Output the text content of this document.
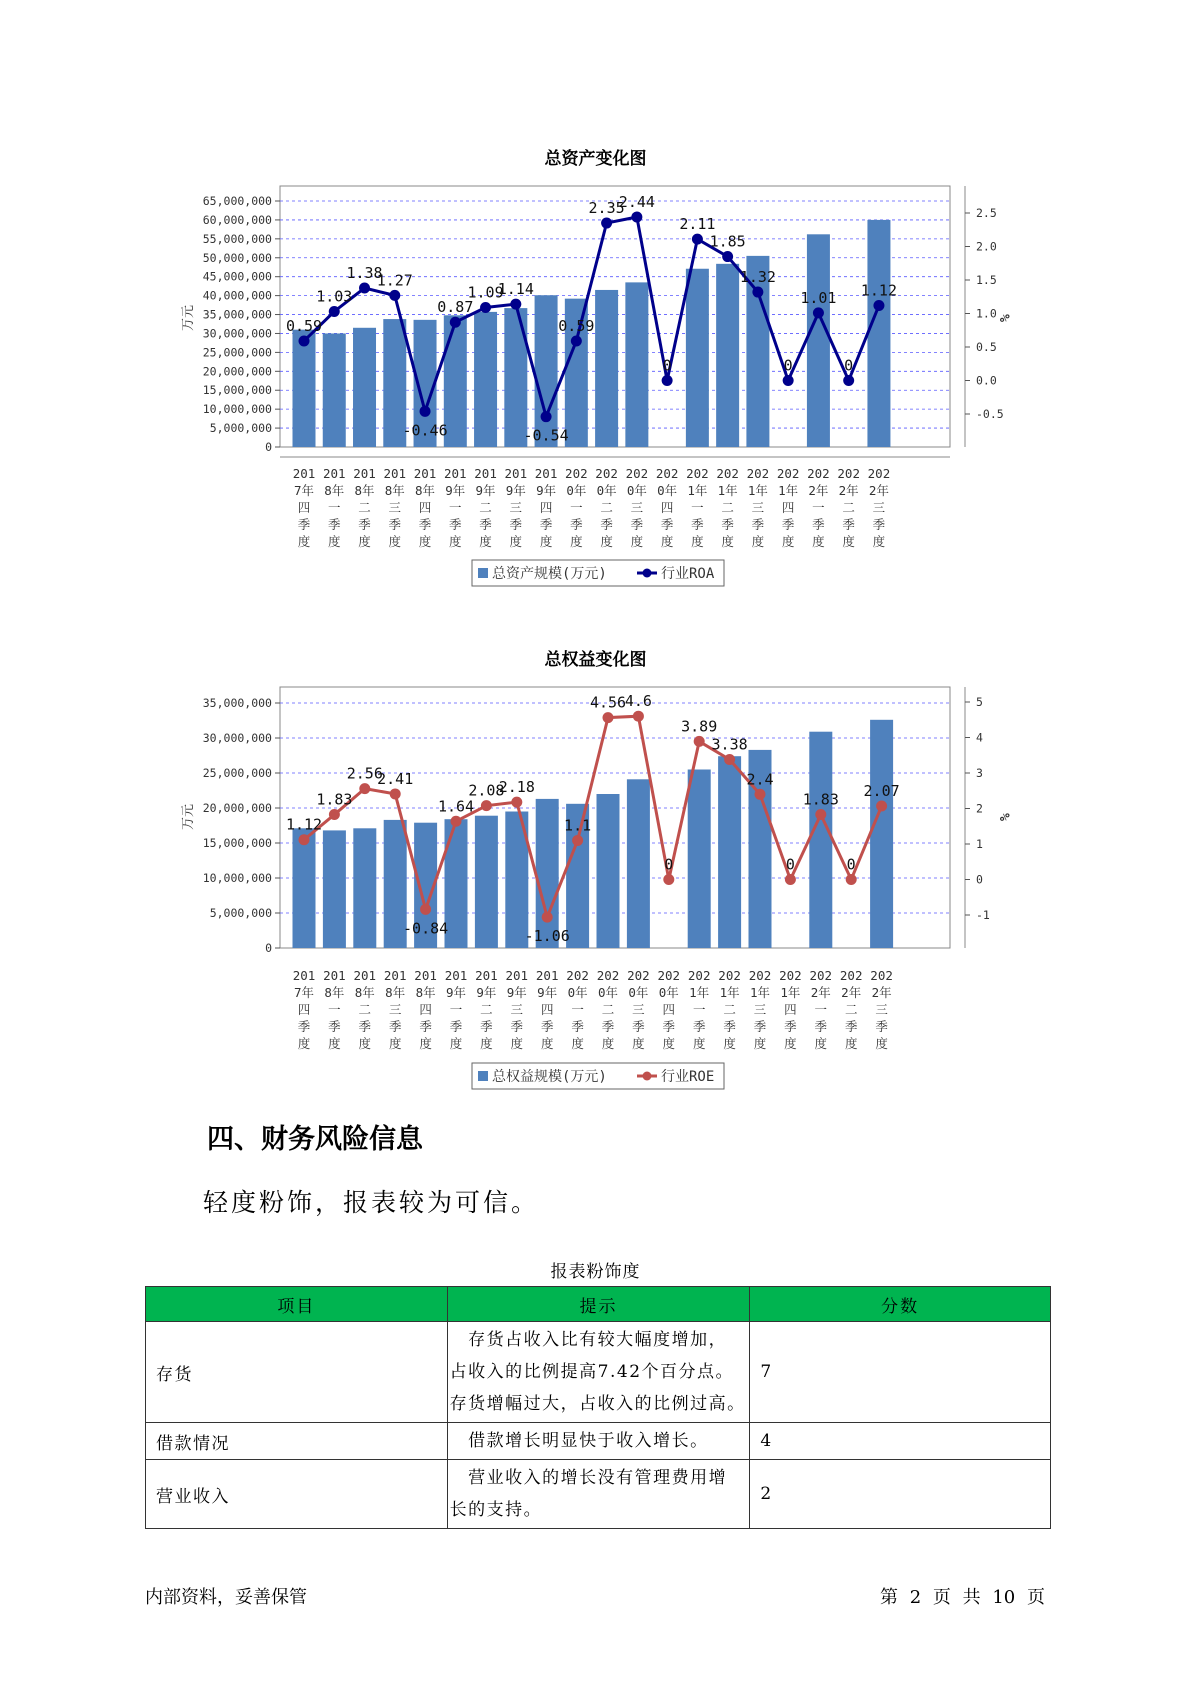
总资产变化图
0
5,000,000
10,000,000
15,000,000
20,000,000
25,000,000
30,000,000
35,000,000
40,000,000
45,000,000
50,000,000
55,000,000
60,000,000
65,000,000
-0.5
0.0
0.5
1.0
1.5
2.0
2.5
万元	%
201 201 201 201 201 201 201 201 201 202 202 202 202 202 202 202 202 202 202 202
7年 8年 8年 8年 8年 9年 9年 9年 9年 0年 0年 0年 0年 1年 1年 1年 1年 2年 2年 2年
四 一 二 三 四 一 二 三 四 一 二 三 四 一 二 三 四 一 二 三
季 季 季 季 季 季 季 季 季 季 季 季 季 季 季 季 季 季 季 季
度 度 度 度 度 度 度 度 度 度 度 度 度 度 度 度 度 度 度 度
0.59
1.03
1.38
1.27
-0.46
0.87
1.09
1.14
-0.54
0.59
2.35
2.44
0
2.11
1.85
1.32
0
1.01
0
1.12
总资产规模(万元)	行业ROA
总权益变化图
0
5,000,000
10,000,000
15,000,000
20,000,000
25,000,000
30,000,000
35,000,000
-1
0
1
2
3
4
5
万元	%
201 201 201 201 201 201 201 201 201 202 202 202 202 202 202 202 202 202 202 202
7年 8年 8年 8年 8年 9年 9年 9年 9年 0年 0年 0年 0年 1年 1年 1年 1年 2年 2年 2年
四 一 二 三 四 一 二 三 四 一 二 三 四 一 二 三 四 一 二 三
季 季 季 季 季 季 季 季 季 季 季 季 季 季 季 季 季 季 季 季
度 度 度 度 度 度 度 度 度 度 度 度 度 度 度 度 度 度 度 度
1.12
1.83
2.56
2.41
-0.84
1.64
2.08
2.18
-1.06
1.1
4.56
4.6
0
3.89
3.38
2.4
0
1.83
0
2.07
总权益规模(万元)	行业ROE
四、财务风险信息
轻度粉饰，报表较为可信。
报表粉饰度
项目	提示	分数
存货	　存货占收入比有较大幅度增加，
占收入的比例提高7.42个百分点。
存货增幅过大，占收入的比例过高。	7
借款情况	　借款增长明显快于收入增长。	4
营业收入	　营业收入的增长没有管理费用增
长的支持。	2
内部资料，妥善保管	第 2 页 共 10 页
